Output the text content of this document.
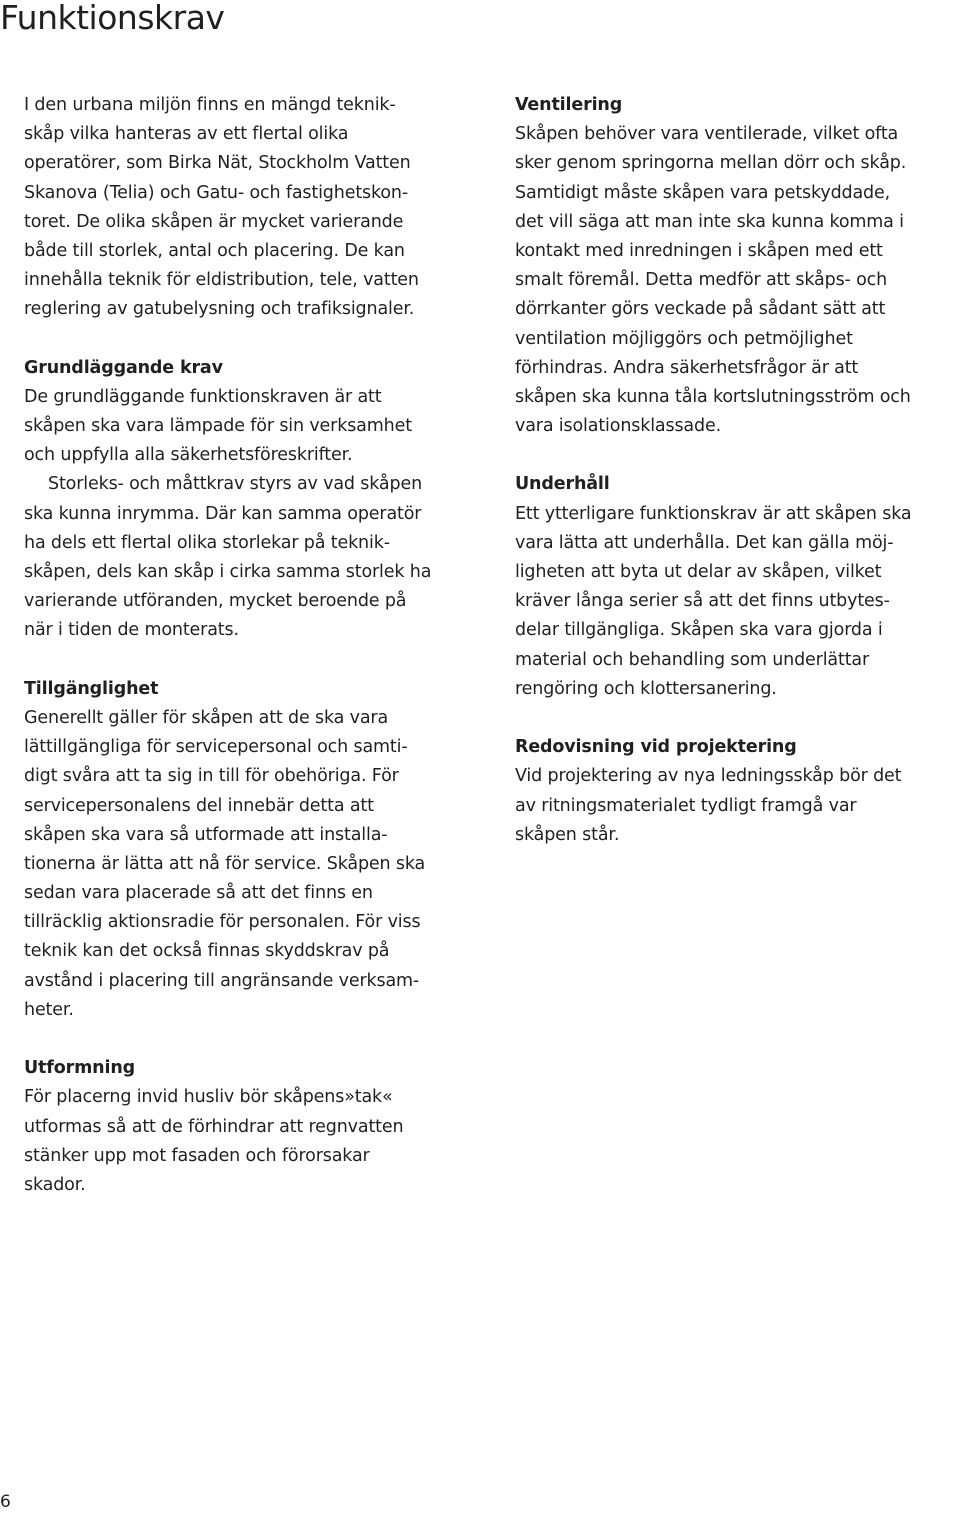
Funktionskrav
I den urbana miljön finns en mängd teknik-
skåp vilka hanteras av ett flertal olika
operatörer, som Birka Nät, Stockholm Vatten
Skanova (Telia) och Gatu- och fastighetskon-
toret. De olika skåpen är mycket varierande
både till storlek, antal och placering. De kan
innehålla teknik för eldistribution, tele, vatten
reglering av gatubelysning och trafiksignaler.
Grundläggande krav
De grundläggande funktionskraven är att
skåpen ska vara lämpade för sin verksamhet
och uppfylla alla säkerhetsföreskrifter.
Storleks- och måttkrav styrs av vad skåpen
ska kunna inrymma. Där kan samma operatör
ha dels ett flertal olika storlekar på teknik-
skåpen, dels kan skåp i cirka samma storlek ha
varierande utföranden, mycket beroende på
när i tiden de monterats.
Tillgänglighet
Generellt gäller för skåpen att de ska vara
lättillgängliga för servicepersonal och samti-
digt svåra att ta sig in till för obehöriga. För
servicepersonalens del innebär detta att
skåpen ska vara så utformade att installa-
tionerna är lätta att nå för service. Skåpen ska
sedan vara placerade så att det finns en
tillräcklig aktionsradie för personalen. För viss
teknik kan det också finnas skyddskrav på
avstånd i placering till angränsande verksam-
heter.
Utformning
För placerng invid husliv bör skåpens»tak«
utformas så att de förhindrar att regnvatten
stänker upp mot fasaden och förorsakar
skador.
Ventilering
Skåpen behöver vara ventilerade, vilket ofta
sker genom springorna mellan dörr och skåp.
Samtidigt måste skåpen vara petskyddade,
det vill säga att man inte ska kunna komma i
kontakt med inredningen i skåpen med ett
smalt föremål. Detta medför att skåps- och
dörrkanter görs veckade på sådant sätt att
ventilation möjliggörs och petmöjlighet
förhindras. Andra säkerhetsfrågor är att
skåpen ska kunna tåla kortslutningsström och
vara isolationsklassade.
Underhåll
Ett ytterligare funktionskrav är att skåpen ska
vara lätta att underhålla. Det kan gälla möj-
ligheten att byta ut delar av skåpen, vilket
kräver långa serier så att det finns utbytes-
delar tillgängliga. Skåpen ska vara gjorda i
material och behandling som underlättar
rengöring och klottersanering.
Redovisning vid projektering
Vid projektering av nya ledningsskåp bör det
av ritningsmaterialet tydligt framgå var
skåpen står.
6
